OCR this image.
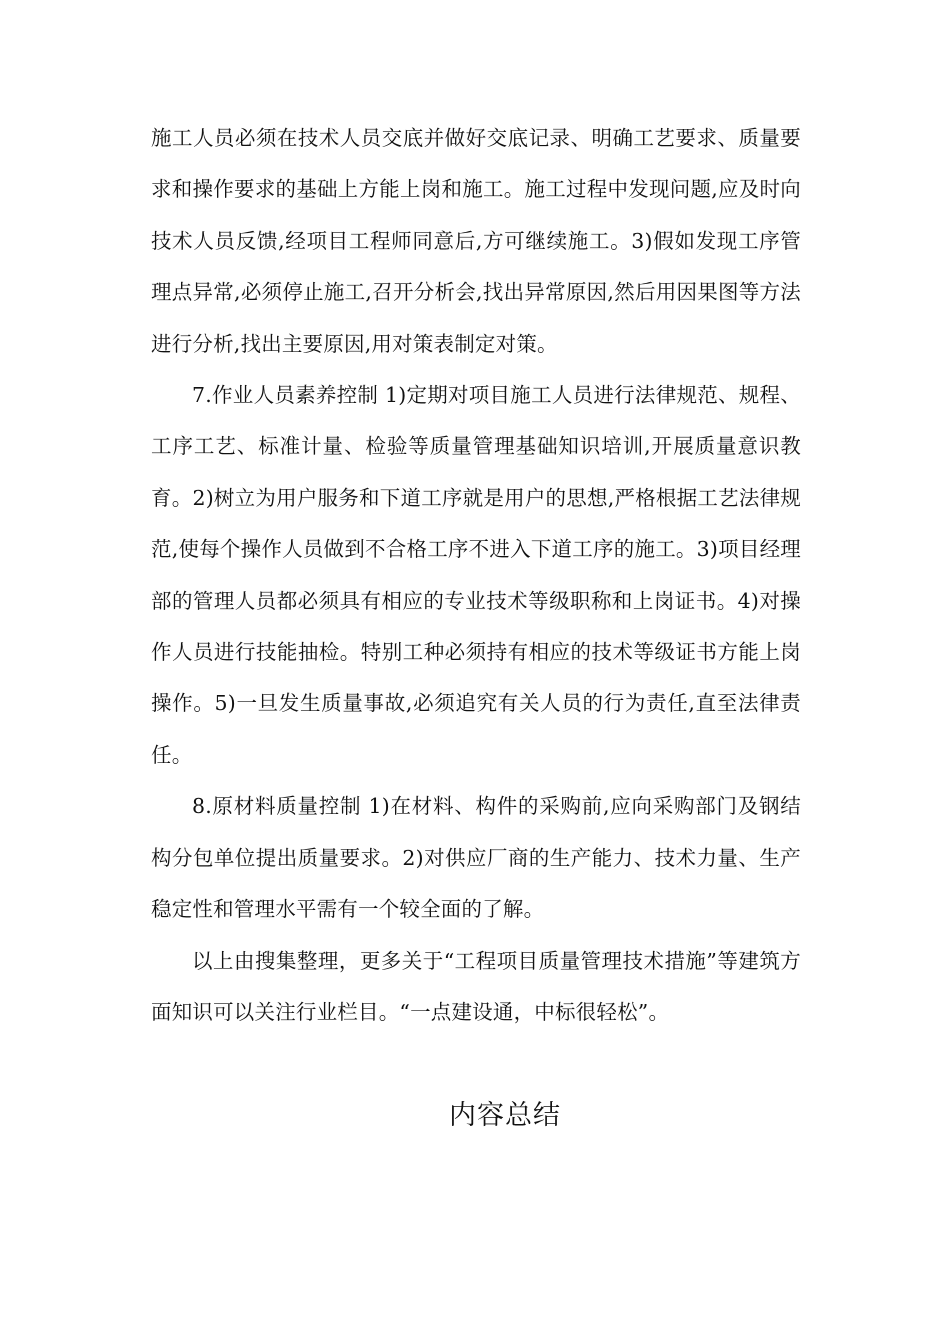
施工人员必须在技术人员交底并做好交底记录、明确工艺要求、质量要求和操作要求的基础上方能上岗和施工。施工过程中发现问题,应及时向技术人员反馈,经项目工程师同意后,方可继续施工。3)假如发现工序管理点异常,必须停止施工,召开分析会,找出异常原因,然后用因果图等方法进行分析,找出主要原因,用对策表制定对策。

7.作业人员素养控制 1)定期对项目施工人员进行法律规范、规程、工序工艺、标准计量、检验等质量管理基础知识培训,开展质量意识教育。2)树立为用户服务和下道工序就是用户的思想,严格根据工艺法律规范,使每个操作人员做到不合格工序不进入下道工序的施工。3)项目经理部的管理人员都必须具有相应的专业技术等级职称和上岗证书。4)对操作人员进行技能抽检。特别工种必须持有相应的技术等级证书方能上岗操作。5)一旦发生质量事故,必须追究有关人员的行为责任,直至法律责任。

8.原材料质量控制 1)在材料、构件的采购前,应向采购部门及钢结构分包单位提出质量要求。2)对供应厂商的生产能力、技术力量、生产稳定性和管理水平需有一个较全面的了解。

以上由搜集整理，更多关于“工程项目质量管理技术措施”等建筑方面知识可以关注行业栏目。“一点建设通，中标很轻松”。

内容总结
